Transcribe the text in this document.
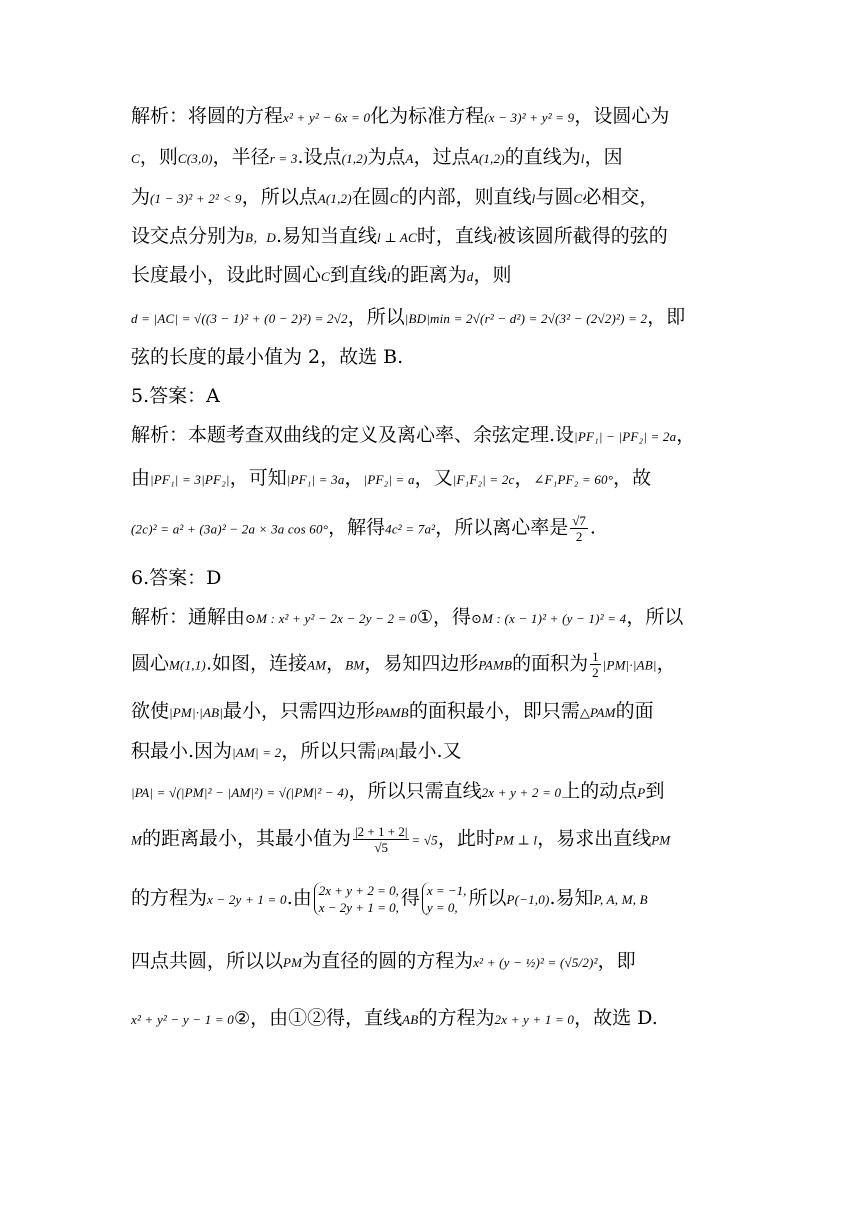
解析：将圆的方程x² + y² − 6x = 0化为标准方程(x − 3)² + y² = 9，设圆心为
C，则C(3,0)，半径r = 3.设点(1,2)为点A，过点A(1,2)的直线为l，因
为(1 − 3)² + 2² < 9，所以点A(1,2)在圆C的内部，则直线l与圆C必相交，
设交点分别为B，D.易知当直线l ⊥ AC时，直线l被该圆所截得的弦的
长度最小，设此时圆心C到直线l的距离为d，则
d = |AC| = √((3 − 1)² + (0 − 2)²) = 2√2，所以|BD|min = 2√(r² − d²) = 2√(3² − (2√2)²) = 2，即
弦的长度的最小值为 2，故选 B.
5.答案：A
解析：本题考查双曲线的定义及离心率、余弦定理.设|PF₁| − |PF₂| = 2a，
由|PF₁| = 3|PF₂|，可知|PF₁| = 3a，|PF₂| = a，又|F₁F₂| = 2c，∠F₁PF₂ = 60°，故
(2c)² = a² + (3a)² − 2a × 3a cos 60°，解得4c² = 7a²，所以离心率是 $\frac{√7}{2}$ .
6.答案：D
解析：通解由⊙M : x² + y² − 2x − 2y − 2 = 0①，得⊙M : (x − 1)² + (y − 1)² = 4，所以
圆心M(1,1).如图，连接AM，BM，易知四边形PAMB的面积为 $\frac{1}{2} |PM|\cdot|AB|$，
欲使|PM|·|AB|最小，只需四边形PAMB的面积最小，即只需△PAM的面
积最小.因为|AM| = 2，所以只需|PA|最小.又
|PA| = √(|PM|² − |AM|²) = √(|PM|² − 4)，所以只需直线2x + y + 2 = 0上的动点P到
M的距离最小，其最小值为 $\frac{|2 + 1 + 2|}{√5} = √5$，此时PM ⊥ l，易求出直线PM
的方程为x − 2y + 1 = 0.由 2x + y + 2 = 0,
x − 2y + 1 = 0, 得 x = −1,
y = 0, 所以P(−1,0).易知P, A, M, B
四点共圆，所以以PM为直径的圆的方程为x² + (y − ½)² = (√5/2)²，即
x² + y² − y − 1 = 0②，由①②得，直线AB的方程为2x + y + 1 = 0，故选 D.
